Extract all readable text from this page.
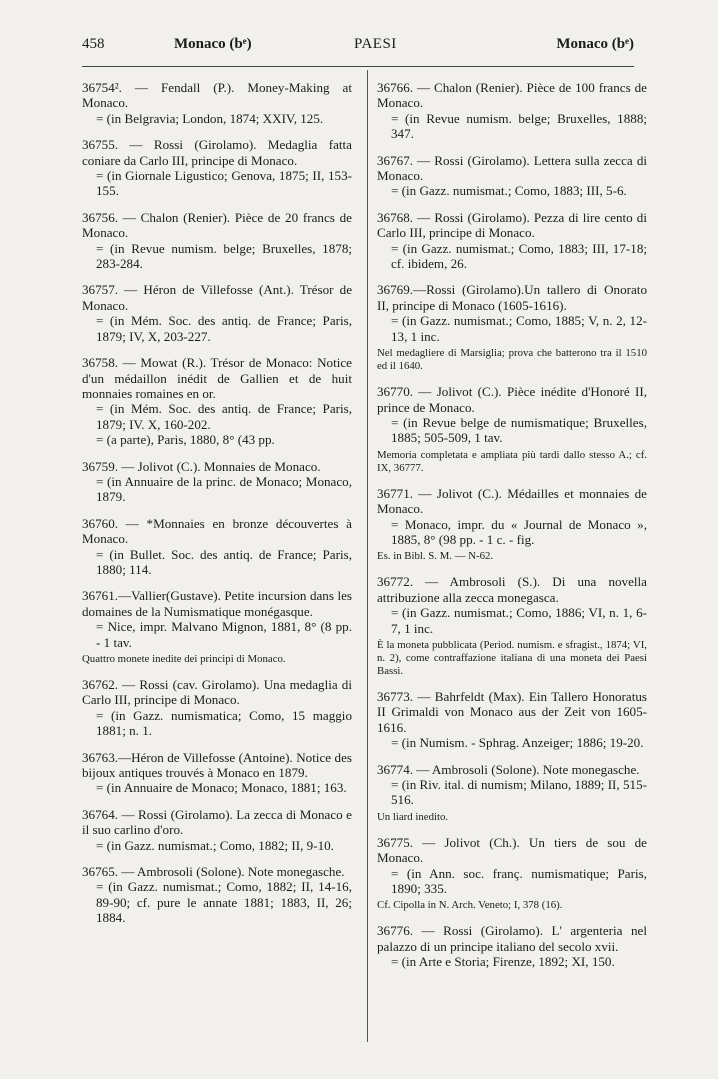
458	Monaco (bᵉ)	PAESI	Monaco (bᵉ)

36754². — Fendall (P.). Money-Making at Monaco.

= (in Belgravia; London, 1874; XXIV, 125.

36755. — Rossi (Girolamo). Medaglia fatta coniare da Carlo III, principe di Monaco.

= (in Giornale Ligustico; Genova, 1875; II, 153-155.

36756. — Chalon (Renier). Pièce de 20 francs de Monaco.

= (in Revue numism. belge; Bruxelles, 1878; 283-284.

36757. — Héron de Villefosse (Ant.). Trésor de Monaco.

= (in Mém. Soc. des antiq. de France; Paris, 1879; IV, X, 203-227.

36758. — Mowat (R.). Trésor de Monaco: Notice d'un médaillon inédit de Gallien et de huit monnaies romaines en or.

= (in Mém. Soc. des antiq. de France; Paris, 1879; IV. X, 160-202.

= (a parte), Paris, 1880, 8° (43 pp.

36759. — Jolivot (C.). Monnaies de Monaco.

= (in Annuaire de la princ. de Monaco; Monaco, 1879.

36760. — *Monnaies en bronze découvertes à Monaco.

= (in Bullet. Soc. des antiq. de France; Paris, 1880; 114.

36761.—Vallier(Gustave). Petite incursion dans les domaines de la Numismatique monégasque.

= Nice, impr. Malvano Mignon, 1881, 8° (8 pp. - 1 tav.

Quattro monete inedite dei principi di Monaco.

36762. — Rossi (cav. Girolamo). Una medaglia di Carlo III, principe di Monaco.

= (in Gazz. numismatica; Como, 15 maggio 1881; n. 1.

36763.—Héron de Villefosse (Antoine). Notice des bijoux antiques trouvés à Monaco en 1879.

= (in Annuaire de Monaco; Monaco, 1881; 163.

36764. — Rossi (Girolamo). La zecca di Monaco e il suo carlino d'oro.

= (in Gazz. numismat.; Como, 1882; II, 9-10.

36765. — Ambrosoli (Solone). Note monegasche.

= (in Gazz. numismat.; Como, 1882; II, 14-16, 89-90; cf. pure le annate 1881; 1883, II, 26; 1884.

36766. — Chalon (Renier). Pièce de 100 francs de Monaco.

= (in Revue numism. belge; Bruxelles, 1888; 347.

36767. — Rossi (Girolamo). Lettera sulla zecca di Monaco.

= (in Gazz. numismat.; Como, 1883; III, 5-6.

36768. — Rossi (Girolamo). Pezza di lire cento di Carlo III, principe di Monaco.

= (in Gazz. numismat.; Como, 1883; III, 17-18; cf. ibidem, 26.

36769.—Rossi (Girolamo).Un tallero di Onorato II, principe di Monaco (1605-1616).

= (in Gazz. numismat.; Como, 1885; V, n. 2, 12-13, 1 inc.

Nel medagliere di Marsiglia; prova che batterono tra il 1510 ed il 1640.

36770. — Jolivot (C.). Pièce inédite d'Honoré II, prince de Monaco.

= (in Revue belge de numismatique; Bruxelles, 1885; 505-509, 1 tav.

Memoria completata e ampliata più tardi dallo stesso A.; cf. IX, 36777.

36771. — Jolivot (C.). Médailles et monnaies de Monaco.

= Monaco, impr. du « Journal de Monaco », 1885, 8° (98 pp. - 1 c. - fig.

Es. in Bibl. S. M. — N-62.

36772. — Ambrosoli (S.). Di una novella attribuzione alla zecca monegasca.

= (in Gazz. numismat.; Como, 1886; VI, n. 1, 6-7, 1 inc.

È la moneta pubblicata (Period. numism. e sfragist., 1874; VI, n. 2), come contraffazione italiana di una moneta dei Paesi Bassi.

36773. — Bahrfeldt (Max). Ein Tallero Honoratus II Grimaldi von Monaco aus der Zeit von 1605-1616.

= (in Numism. - Sphrag. Anzeiger; 1886; 19-20.

36774. — Ambrosoli (Solone). Note monegasche.

= (in Riv. ital. di numism; Milano, 1889; II, 515-516.

Un liard inedito.

36775. — Jolivot (Ch.). Un tiers de sou de Monaco.

= (in Ann. soc. franç. numismatique; Paris, 1890; 335.

Cf. Cipolla in N. Arch. Veneto; I, 378 (16).

36776. — Rossi (Girolamo). L' argenteria nel palazzo di un principe italiano del secolo xvii.

= (in Arte e Storia; Firenze, 1892; XI, 150.
